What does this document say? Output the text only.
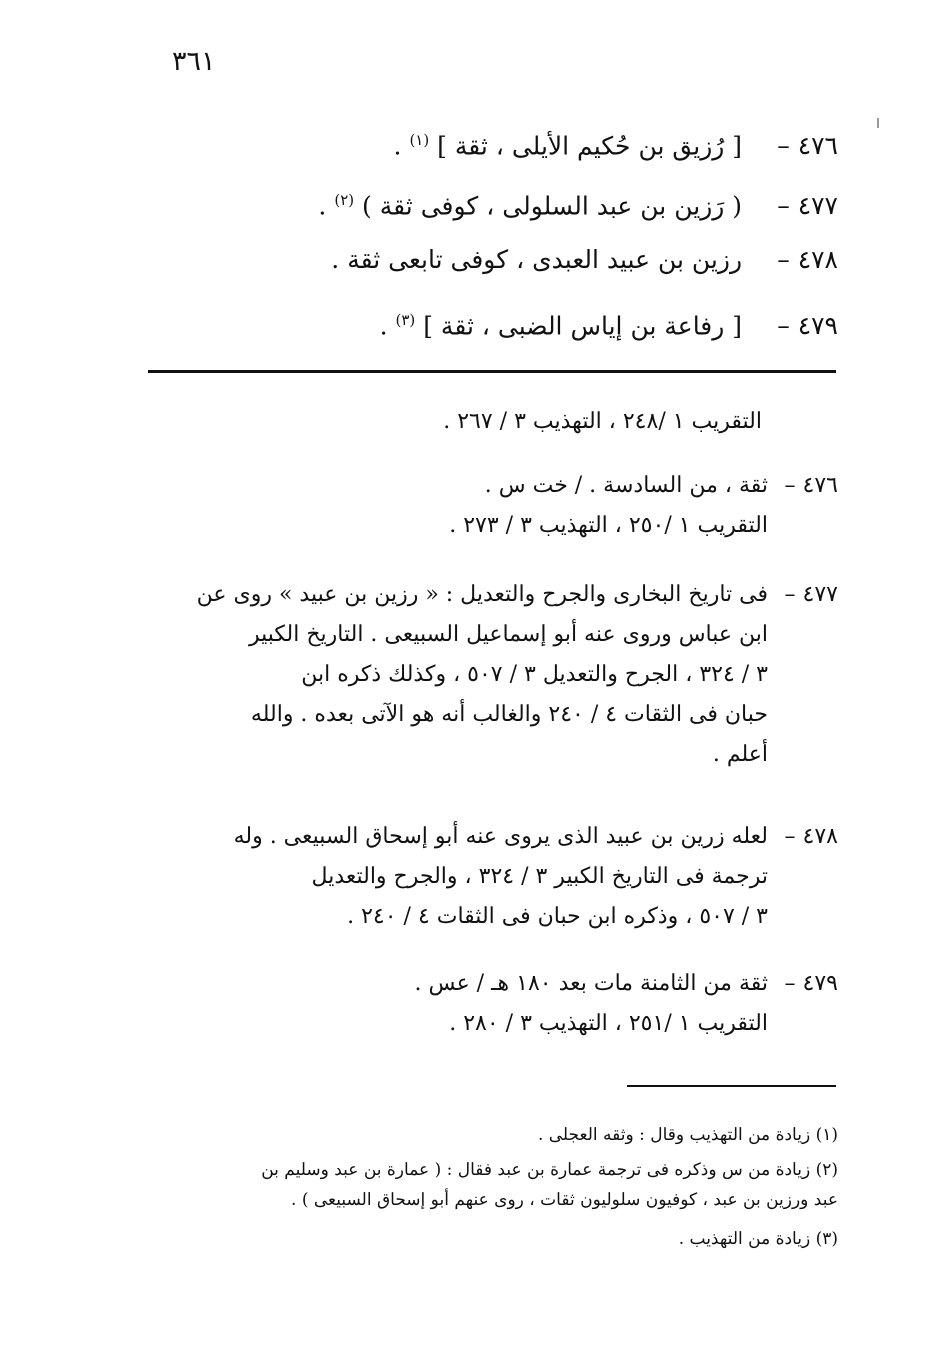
٣٦١
٤٧٦ – [ رُزيق بن حُكيم الأيلى ، ثقة ] $^{(١)}$ .
٤٧٧ – ( رَزين بن عبد السلولى ، كوفى ثقة ) $^{(٢)}$ .
٤٧٨ – رزين بن عبيد العبدى ، كوفى تابعى ثقة .
٤٧٩ – [ رفاعة بن إياس الضبى ، ثقة ] $^{(٣)}$ .
التقريب ١ /٢٤٨ ، التهذيب ٣ / ٢٦٧ .
٤٧٦ –
ثقة ، من السادسة . / خت س .
التقريب ١ /٢٥٠ ، التهذيب ٣ / ٢٧٣ .
٤٧٧ –
فى تاريخ البخارى والجرح والتعديل : « رزين بن عبيد » روى عن
ابن عباس وروى عنه أبو إسماعيل السبيعى . التاريخ الكبير
٣ / ٣٢٤ ، الجرح والتعديل ٣ / ٥٠٧ ، وكذلك ذكره ابن
حبان فى الثقات ٤ / ٢٤٠ والغالب أنه هو الآتى بعده . والله
أعلم .
٤٧٨ –
لعله زرين بن عبيد الذى يروى عنه أبو إسحاق السبيعى . وله
ترجمة فى التاريخ الكبير ٣ / ٣٢٤ ، والجرح والتعديل
٣ / ٥٠٧ ، وذكره ابن حبان فى الثقات ٤ / ٢٤٠ .
٤٧٩ –
ثقة من الثامنة مات بعد ١٨٠ هـ / عس .
التقريب ١ /٢٥١ ، التهذيب ٣ / ٢٨٠ .
(١) زيادة من التهذيب وقال : وثقه العجلى .
(٢) زيادة من س وذكره فى ترجمة عمارة بن عبد فقال : ( عمارة بن عبد وسليم بن
عبد ورزين بن عبد ، كوفيون سلوليون ثقات ، روى عنهم أبو إسحاق السبيعى ) .
(٣) زيادة من التهذيب .
